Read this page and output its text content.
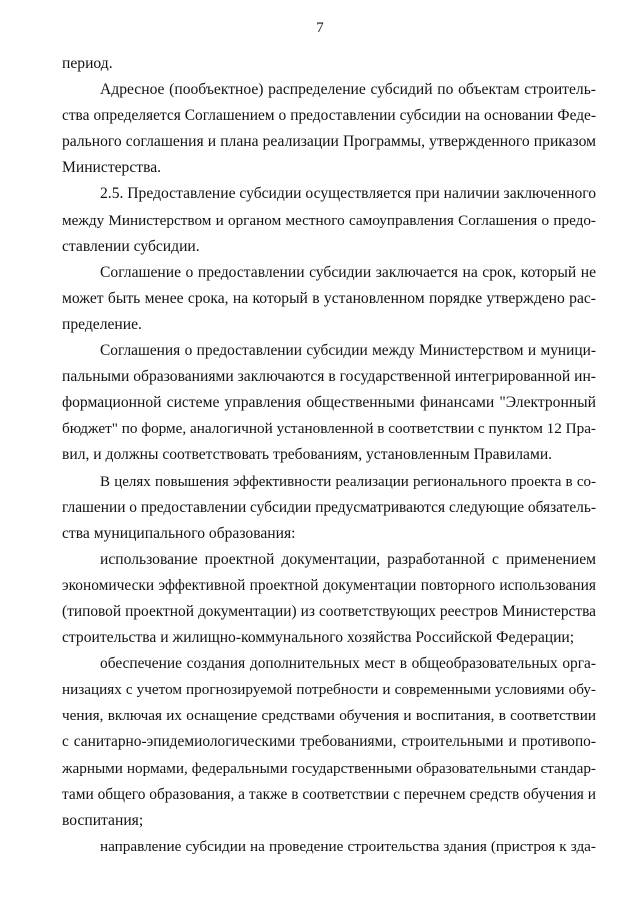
7
период.
Адресное (пообъектное) распределение субсидий по объектам строитель-
ства определяется Соглашением о предоставлении субсидии на основании Феде-
рального соглашения и плана реализации Программы, утвержденного приказом
Министерства.
2.5. Предоставление субсидии осуществляется при наличии заключенного
между Министерством и органом местного самоуправления Соглашения о предо-
ставлении субсидии.
Соглашение о предоставлении субсидии заключается на срок, который не
может быть менее срока, на который в установленном порядке утверждено рас-
пределение.
Соглашения о предоставлении субсидии между Министерством и муници-
пальными образованиями заключаются в государственной интегрированной ин-
формационной системе управления общественными финансами "Электронный
бюджет" по форме, аналогичной установленной в соответствии с пунктом 12 Пра-
вил, и должны соответствовать требованиям, установленным Правилами.
В целях повышения эффективности реализации регионального проекта в со-
глашении о предоставлении субсидии предусматриваются следующие обязатель-
ства муниципального образования:
использование проектной документации, разработанной с применением
экономически эффективной проектной документации повторного использования
(типовой проектной документации) из соответствующих реестров Министерства
строительства и жилищно-коммунального хозяйства Российской Федерации;
обеспечение создания дополнительных мест в общеобразовательных орга-
низациях с учетом прогнозируемой потребности и современными условиями обу-
чения, включая их оснащение средствами обучения и воспитания, в соответствии
с санитарно-эпидемиологическими требованиями, строительными и противопо-
жарными нормами, федеральными государственными образовательными стандар-
тами общего образования, а также в соответствии с перечнем средств обучения и
воспитания;
направление субсидии на проведение строительства здания (пристроя к зда-
